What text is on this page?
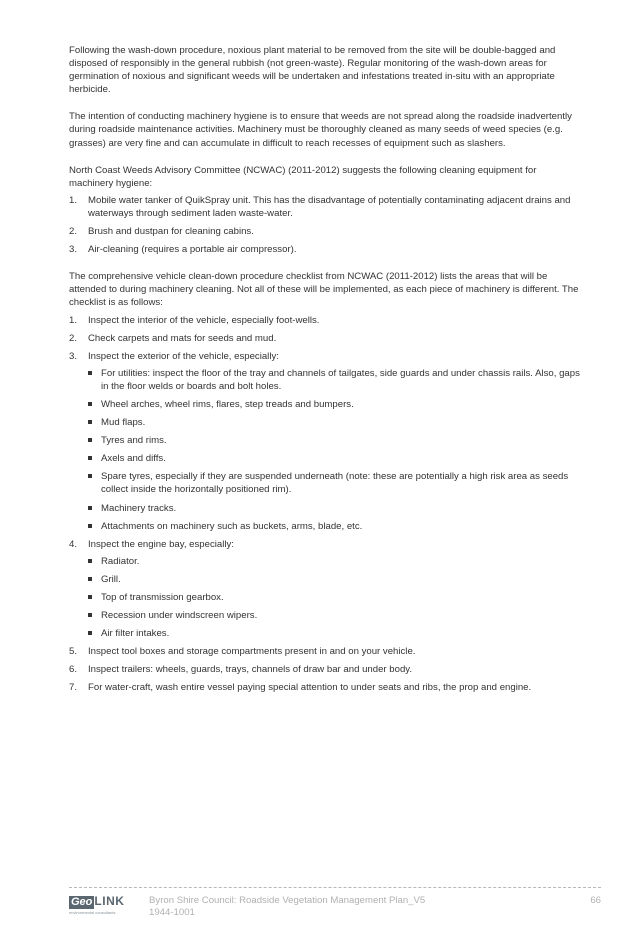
Following the wash-down procedure, noxious plant material to be removed from the site will be double-bagged and disposed of responsibly in the general rubbish (not green-waste). Regular monitoring of the wash-down areas for germination of noxious and significant weeds will be undertaken and infestations treated in-situ with an appropriate herbicide.

The intention of conducting machinery hygiene is to ensure that weeds are not spread along the roadside inadvertently during roadside maintenance activities. Machinery must be thoroughly cleaned as many seeds of weed species (e.g. grasses) are very fine and can accumulate in difficult to reach recesses of equipment such as slashers.

North Coast Weeds Advisory Committee (NCWAC) (2011-2012) suggests the following cleaning equipment for machinery hygiene:

1. Mobile water tanker of QuikSpray unit. This has the disadvantage of potentially contaminating adjacent drains and waterways through sediment laden waste-water.
2. Brush and dustpan for cleaning cabins.
3. Air-cleaning (requires a portable air compressor).

The comprehensive vehicle clean-down procedure checklist from NCWAC (2011-2012) lists the areas that will be attended to during machinery cleaning. Not all of these will be implemented, as each piece of machinery is different. The checklist is as follows:

1. Inspect the interior of the vehicle, especially foot-wells.
2. Check carpets and mats for seeds and mud.
3. Inspect the exterior of the vehicle, especially:
For utilities: inspect the floor of the tray and channels of tailgates, side guards and under chassis rails. Also, gaps in the floor welds or boards and bolt holes.
Wheel arches, wheel rims, flares, step treads and bumpers.
Mud flaps.
Tyres and rims.
Axels and diffs.
Spare tyres, especially if they are suspended underneath (note: these are potentially a high risk area as seeds collect inside the horizontally positioned rim).
Machinery tracks.
Attachments on machinery such as buckets, arms, blade, etc.
4. Inspect the engine bay, especially:
Radiator.
Grill.
Top of transmission gearbox.
Recession under windscreen wipers.
Air filter intakes.
5. Inspect tool boxes and storage compartments present in and on your vehicle.
6. Inspect trailers: wheels, guards, trays, channels of draw bar and under body.
7. For water-craft, wash entire vessel paying special attention to under seats and ribs, the prop and engine.
Geo LINK
environmental consultants
Byron Shire Council: Roadside Vegetation Management Plan_V5
1944-1001
66
